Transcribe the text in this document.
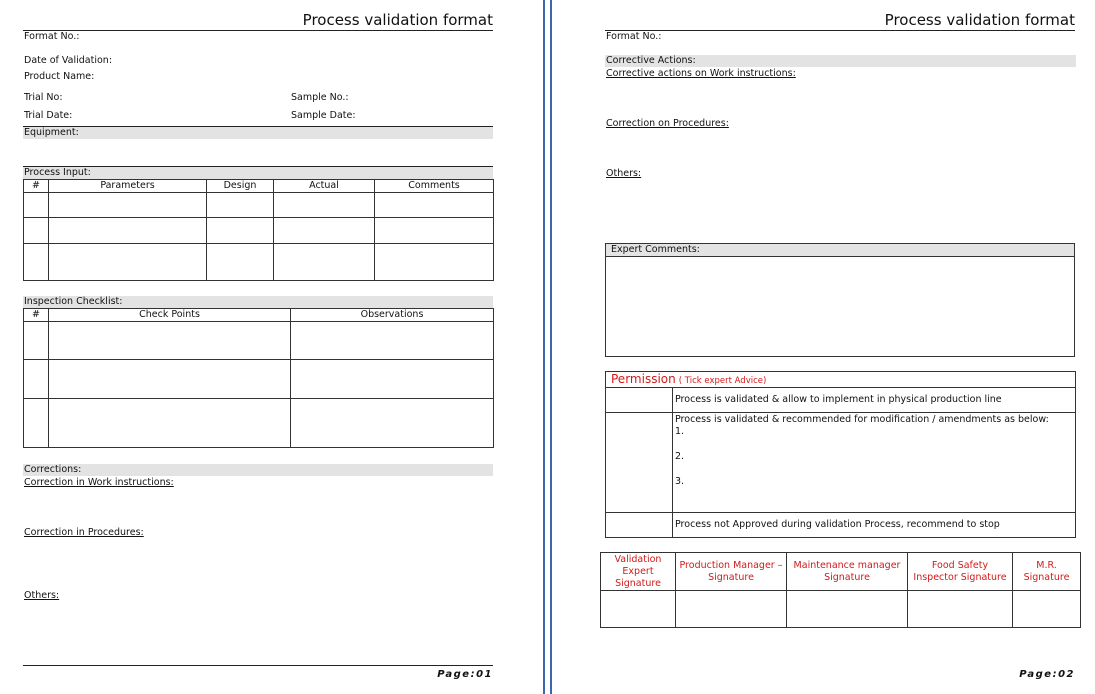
Process validation format
Format No.:
Date of Validation:
Product Name:
Trial No:	Sample No.:
Trial Date:	Sample Date:
Equipment:
Process Input:
#	Parameters	Design	Actual	Comments

Inspection Checklist:
#	Check Points	Observations

Corrections:
Correction in Work instructions:
Correction in Procedures:
Others:
Page:01
Process validation format
Format No.:
Corrective Actions:
Corrective actions on Work instructions:
Correction on Procedures:
Others:
Expert Comments:

Permission ( Tick expert Advice)	
	Process is validated & allow to implement in physical production line

	Process is validated & recommended for modification / amendments as below:
1.
2.
3.

	Process not Approved during validation Process, recommend to stop
Validation Expert Signature	Production Manager – Signature	Maintenance manager Signature	Food Safety Inspector Signature	M.R. Signature

Page:02
